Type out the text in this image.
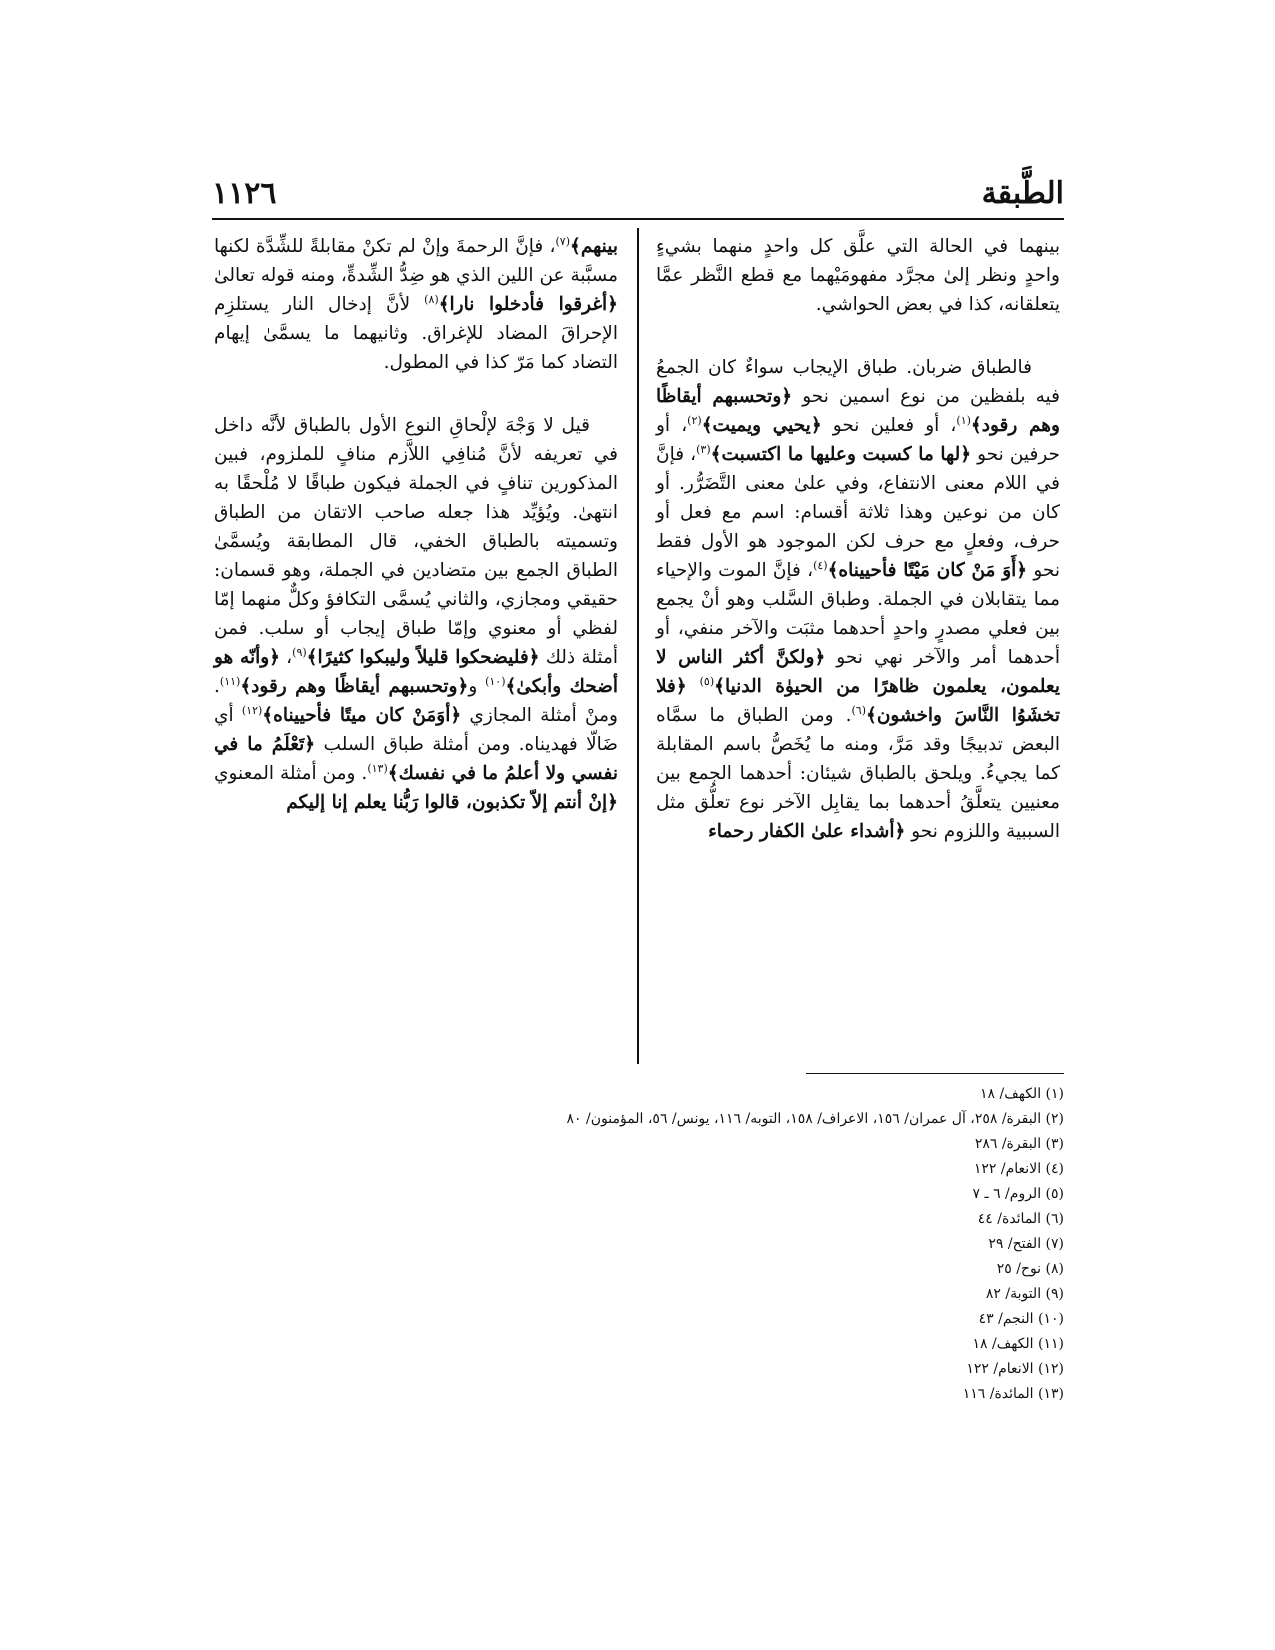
الطَّبقة
١١٢٦

بينهما في الحالة التي علَّق كل واحدٍ منهما بشيءٍ واحدٍ ونظر إلىٰ مجرَّد مفهومَيْهما مع قطع النَّظر عمَّا يتعلقانه، كذا في بعض الحواشي.

فالطباق ضربان. طباق الإيجاب سواءٌ كان الجمعُ فيه بلفظين من نوع اسمين نحو ﴿وتحسبهم أيقاظًا وهم رقود﴾$^{(١)}$، أو فعلين نحو ﴿يحيي ويميت﴾$^{(٢)}$، أو حرفين نحو ﴿لها ما كسبت وعليها ما اكتسبت﴾$^{(٣)}$، فإنَّ في اللام معنى الانتفاع، وفي علىٰ معنى التَّضَرُّر. أو كان من نوعين وهذا ثلاثة أقسام: اسم مع فعل أو حرف، وفعلٍ مع حرف لكن الموجود هو الأول فقط نحو ﴿أَوَ مَنْ كان مَيْتًا فأحييناه﴾$^{(٤)}$، فإنَّ الموت والإحياء مما يتقابلان في الجملة. وطباق السَّلب وهو أنْ يجمع بين فعلي مصدرٍ واحدٍ أحدهما مثبَت والآخر منفي، أو أحدهما أمر والآخر نهي نحو ﴿ولكنَّ أكثر الناس لا يعلمون، يعلمون ظاهرًا من الحيوٰة الدنيا﴾$^{(٥)}$ ﴿فلا تخشَوُا النَّاسَ واخشون﴾$^{(٦)}$. ومن الطباق ما سمَّاه البعض تدبيجًا وقد مَرَّ، ومنه ما يُخَصُّ باسم المقابلة كما يجيءُ. ويلحق بالطباق شيئان: أحدهما الجمع بين معنيين يتعلَّقُ أحدهما بما يقابِل الآخر نوع تعلُّق مثل السببية واللزوم نحو ﴿أشداء علىٰ الكفار رحماء

بينهم﴾$^{(٧)}$، فإنَّ الرحمةَ وإنْ لم تكنْ مقابلةً للشِّدَّة لكنها مسبَّبة عن اللين الذي هو ضِدُّ الشِّدةِّ، ومنه قوله تعالىٰ ﴿أغرقوا فأدخلوا نارا﴾$^{(٨)}$ لأنَّ إدخال النار يستلزِم الإحراقَ المضاد للإغراق. وثانيهما ما يسمَّىٰ إيهام التضاد كما مَرّ كذا في المطول.

قيل لا وَجْهَ لإلْحاقِ النوع الأول بالطباق لأنَّه داخل في تعريفه لأنَّ مُنافِي اللاَّزم منافٍ للملزوم، فبين المذكورين تنافٍ في الجملة فيكون طباقًا لا مُلْحقًا به انتهىٰ. ويُؤيِّد هذا جعله صاحب الاتقان من الطباق وتسميته بالطباق الخفي، قال المطابقة ويُسمَّىٰ الطباق الجمع بين متضادين في الجملة، وهو قسمان: حقيقي ومجازي، والثاني يُسمَّى التكافؤ وكلٌّ منهما إمّا لفظي أو معنوي وإمّا طباق إيجاب أو سلب. فمن أمثلة ذلك ﴿فليضحكوا قليلاً وليبكوا كثيرًا﴾$^{(٩)}$، ﴿وأنّه هو أضحك وأبكىٰ﴾$^{(١٠)}$ و﴿وتحسبهم أيقاظًا وهم رقود﴾$^{(١١)}$. ومنْ أمثلة المجازي ﴿أوَمَنْ كان ميتًا فأحييناه﴾$^{(١٢)}$ أي ضَالّا فهديناه. ومن أمثلة طباق السلب ﴿تَعْلَمُ ما في نفسي ولا أعلمُ ما في نفسك﴾$^{(١٣)}$. ومن أمثلة المعنوي ﴿إنْ أنتم إلاّ تكذبون، قالوا رَبُّنا يعلم إنا إليكم

(١) الكهف/ ١٨
(٢) البقرة/ ٢٥٨، آل عمران/ ١٥٦، الاعراف/ ١٥٨، التوبه/ ١١٦، يونس/ ٥٦، المؤمنون/ ٨٠
(٣) البقرة/ ٢٨٦
(٤) الانعام/ ١٢٢
(٥) الروم/ ٦ ـ ٧
(٦) المائدة/ ٤٤
(٧) الفتح/ ٢٩
(٨) نوح/ ٢٥
(٩) التوبة/ ٨٢
(١٠) النجم/ ٤٣
(١١) الكهف/ ١٨
(١٢) الانعام/ ١٢٢
(١٣) المائدة/ ١١٦
